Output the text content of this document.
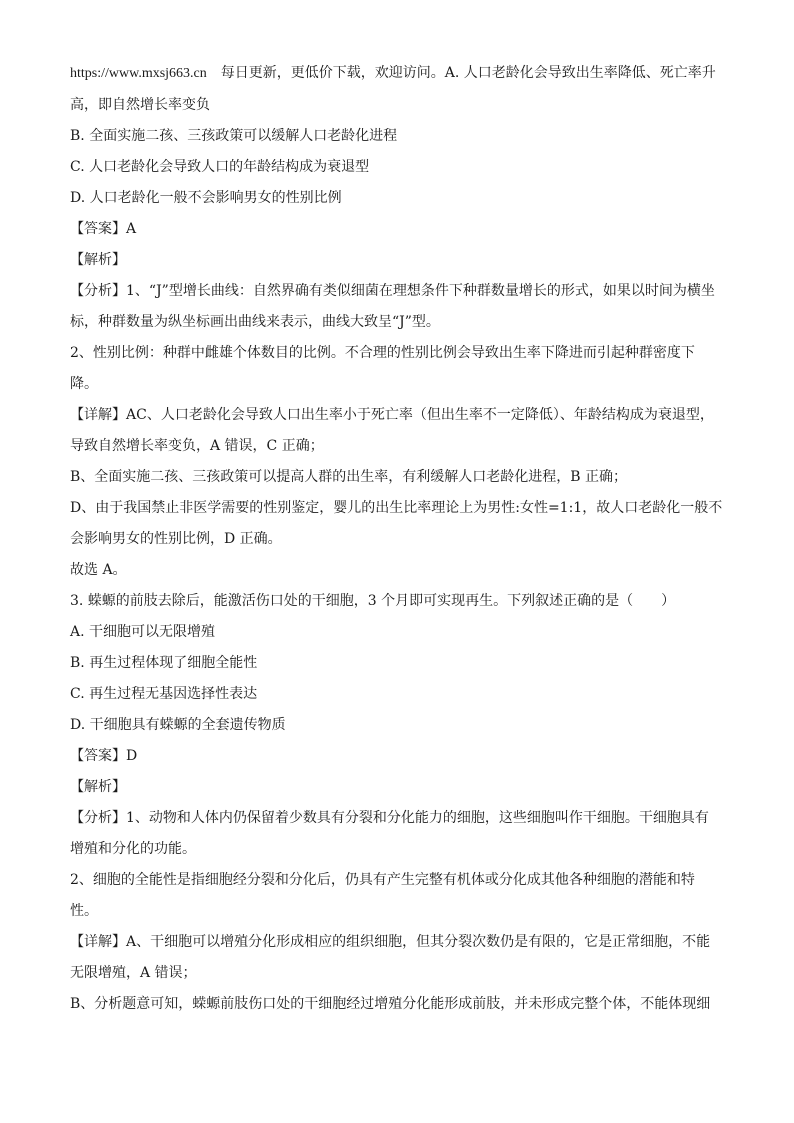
https://www.mxsj663.cn 每日更新，更低价下载，欢迎访问。A. 人口老龄化会导致出生率降低、死亡率升

高，即自然增长率变负

B. 全面实施二孩、三孩政策可以缓解人口老龄化进程

C. 人口老龄化会导致人口的年龄结构成为衰退型

D. 人口老龄化一般不会影响男女的性别比例

【答案】A

【解析】

【分析】1、“J”型增长曲线：自然界确有类似细菌在理想条件下种群数量增长的形式，如果以时间为横坐

标，种群数量为纵坐标画出曲线来表示，曲线大致呈“J”型。

2、性别比例：种群中雌雄个体数目的比例。不合理的性别比例会导致出生率下降进而引起种群密度下

降。

【详解】AC、人口老龄化会导致人口出生率小于死亡率（但出生率不一定降低）、年龄结构成为衰退型，

导致自然增长率变负，A 错误，C 正确；

B、全面实施二孩、三孩政策可以提高人群的出生率，有利缓解人口老龄化进程，B 正确；

D、由于我国禁止非医学需要的性别鉴定，婴儿的出生比率理论上为男性:女性=1:1，故人口老龄化一般不

会影响男女的性别比例，D 正确。

故选 A。

3. 蝾螈的前肢去除后，能激活伤口处的干细胞，3 个月即可实现再生。下列叙述正确的是（　　）

A. 干细胞可以无限增殖

B. 再生过程体现了细胞全能性

C. 再生过程无基因选择性表达

D. 干细胞具有蝾螈的全套遗传物质

【答案】D

【解析】

【分析】1、动物和人体内仍保留着少数具有分裂和分化能力的细胞，这些细胞叫作干细胞。干细胞具有

增殖和分化的功能。

2、细胞的全能性是指细胞经分裂和分化后，仍具有产生完整有机体或分化成其他各种细胞的潜能和特

性。

【详解】A、干细胞可以增殖分化形成相应的组织细胞，但其分裂次数仍是有限的，它是正常细胞，不能

无限增殖，A 错误；

B、分析题意可知，蝾螈前肢伤口处的干细胞经过增殖分化能形成前肢，并未形成完整个体，不能体现细
